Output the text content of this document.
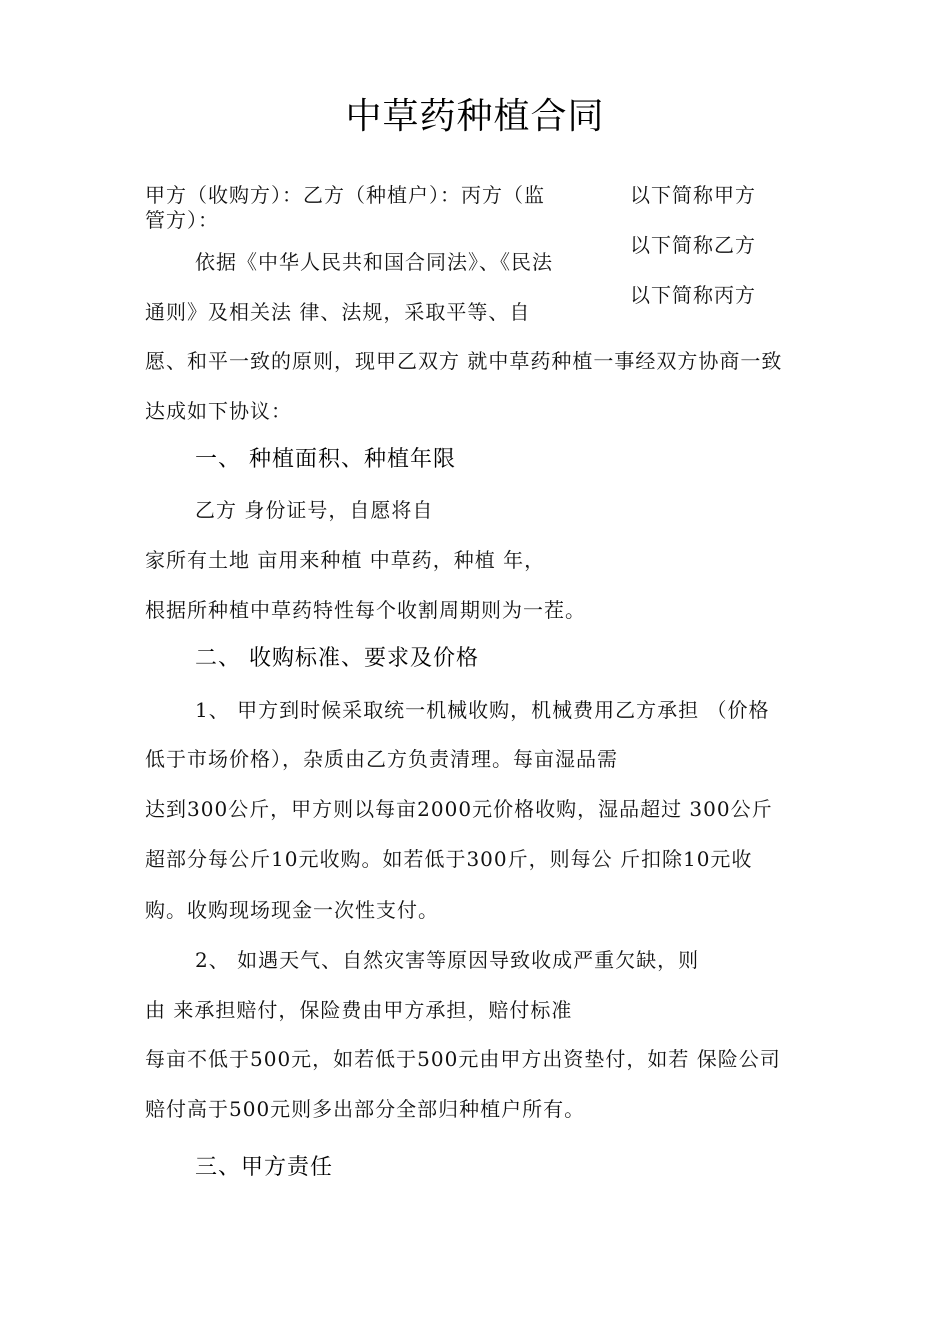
中草药种植合同
甲方（收购方）：乙方（种植户）：丙方（监
管方）：
以下简称甲方
以下简称乙方
以下简称丙方
依据《中华人民共和国合同法》、《民法
通则》及相关法 律、法规，采取平等、自
愿、和平一致的原则，现甲乙双方 就中草药种植一事经双方协商一致
达成如下协议：
一、 种植面积、种植年限
乙方 身份证号，自愿将自
家所有土地 亩用来种植 中草药，种植 年，
根据所种植中草药特性每个收割周期则为一茬。
二、 收购标准、要求及价格
1、 甲方到时候采取统一机械收购，机械费用乙方承担 （价格
低于市场价格），杂质由乙方负责清理。每亩湿品需
达到300公斤，甲方则以每亩2000元价格收购，湿品超过 300公斤
超部分每公斤10元收购。如若低于300斤，则每公 斤扣除10元收
购。收购现场现金一次性支付。
2、 如遇天气、自然灾害等原因导致收成严重欠缺，则
由 来承担赔付，保险费由甲方承担，赔付标准
每亩不低于500元，如若低于500元由甲方出资垫付，如若 保险公司
赔付高于500元则多出部分全部归种植户所有。
三、甲方责任
